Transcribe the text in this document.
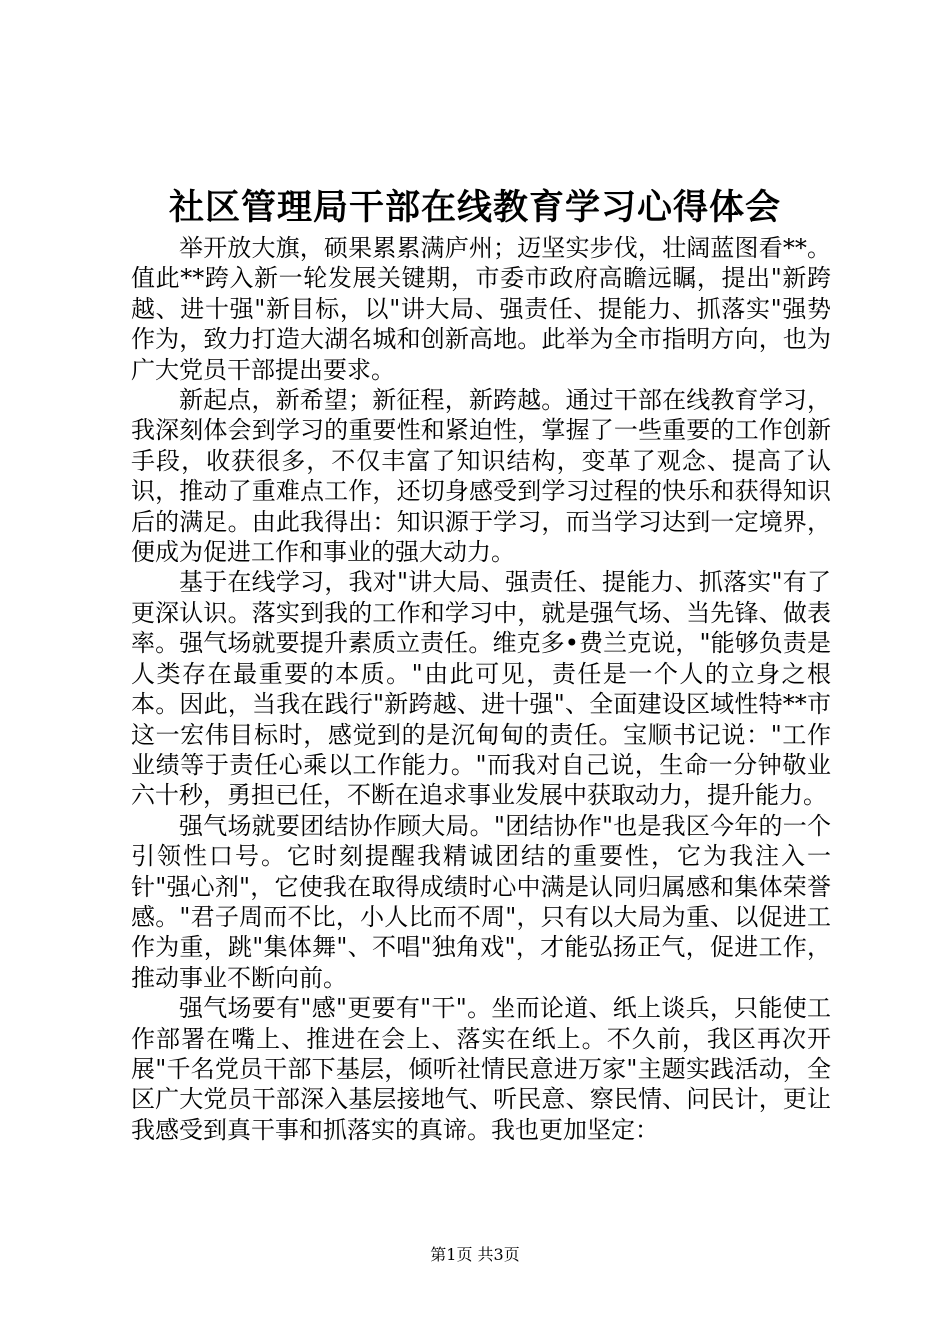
社区管理局干部在线教育学习心得体会

举开放大旗，硕果累累满庐州；迈坚实步伐，壮阔蓝图看**。值此**跨入新一轮发展关键期，市委市政府高瞻远瞩，提出"新跨越、进十强"新目标，以"讲大局、强责任、提能力、抓落实"强势作为，致力打造大湖名城和创新高地。此举为全市指明方向，也为广大党员干部提出要求。

新起点，新希望；新征程，新跨越。通过干部在线教育学习，我深刻体会到学习的重要性和紧迫性，掌握了一些重要的工作创新手段，收获很多，不仅丰富了知识结构，变革了观念、提高了认识，推动了重难点工作，还切身感受到学习过程的快乐和获得知识后的满足。由此我得出：知识源于学习，而当学习达到一定境界，便成为促进工作和事业的强大动力。

基于在线学习，我对"讲大局、强责任、提能力、抓落实"有了更深认识。落实到我的工作和学习中，就是强气场、当先锋、做表率。强气场就要提升素质立责任。维克多•费兰克说，"能够负责是人类存在最重要的本质。"由此可见，责任是一个人的立身之根本。因此，当我在践行"新跨越、进十强"、全面建设区域性特**市这一宏伟目标时，感觉到的是沉甸甸的责任。宝顺书记说："工作业绩等于责任心乘以工作能力。"而我对自己说，生命一分钟敬业六十秒，勇担已任，不断在追求事业发展中获取动力，提升能力。

强气场就要团结协作顾大局。"团结协作"也是我区今年的一个引领性口号。它时刻提醒我精诚团结的重要性，它为我注入一针"强心剂"，它使我在取得成绩时心中满是认同归属感和集体荣誉感。"君子周而不比，小人比而不周"，只有以大局为重、以促进工作为重，跳"集体舞"、不唱"独角戏"，才能弘扬正气，促进工作，推动事业不断向前。

强气场要有"感"更要有"干"。坐而论道、纸上谈兵，只能使工作部署在嘴上、推进在会上、落实在纸上。不久前，我区再次开展"千名党员干部下基层，倾听社情民意进万家"主题实践活动，全区广大党员干部深入基层接地气、听民意、察民情、问民计，更让我感受到真干事和抓落实的真谛。我也更加坚定：

第1页 共3页
